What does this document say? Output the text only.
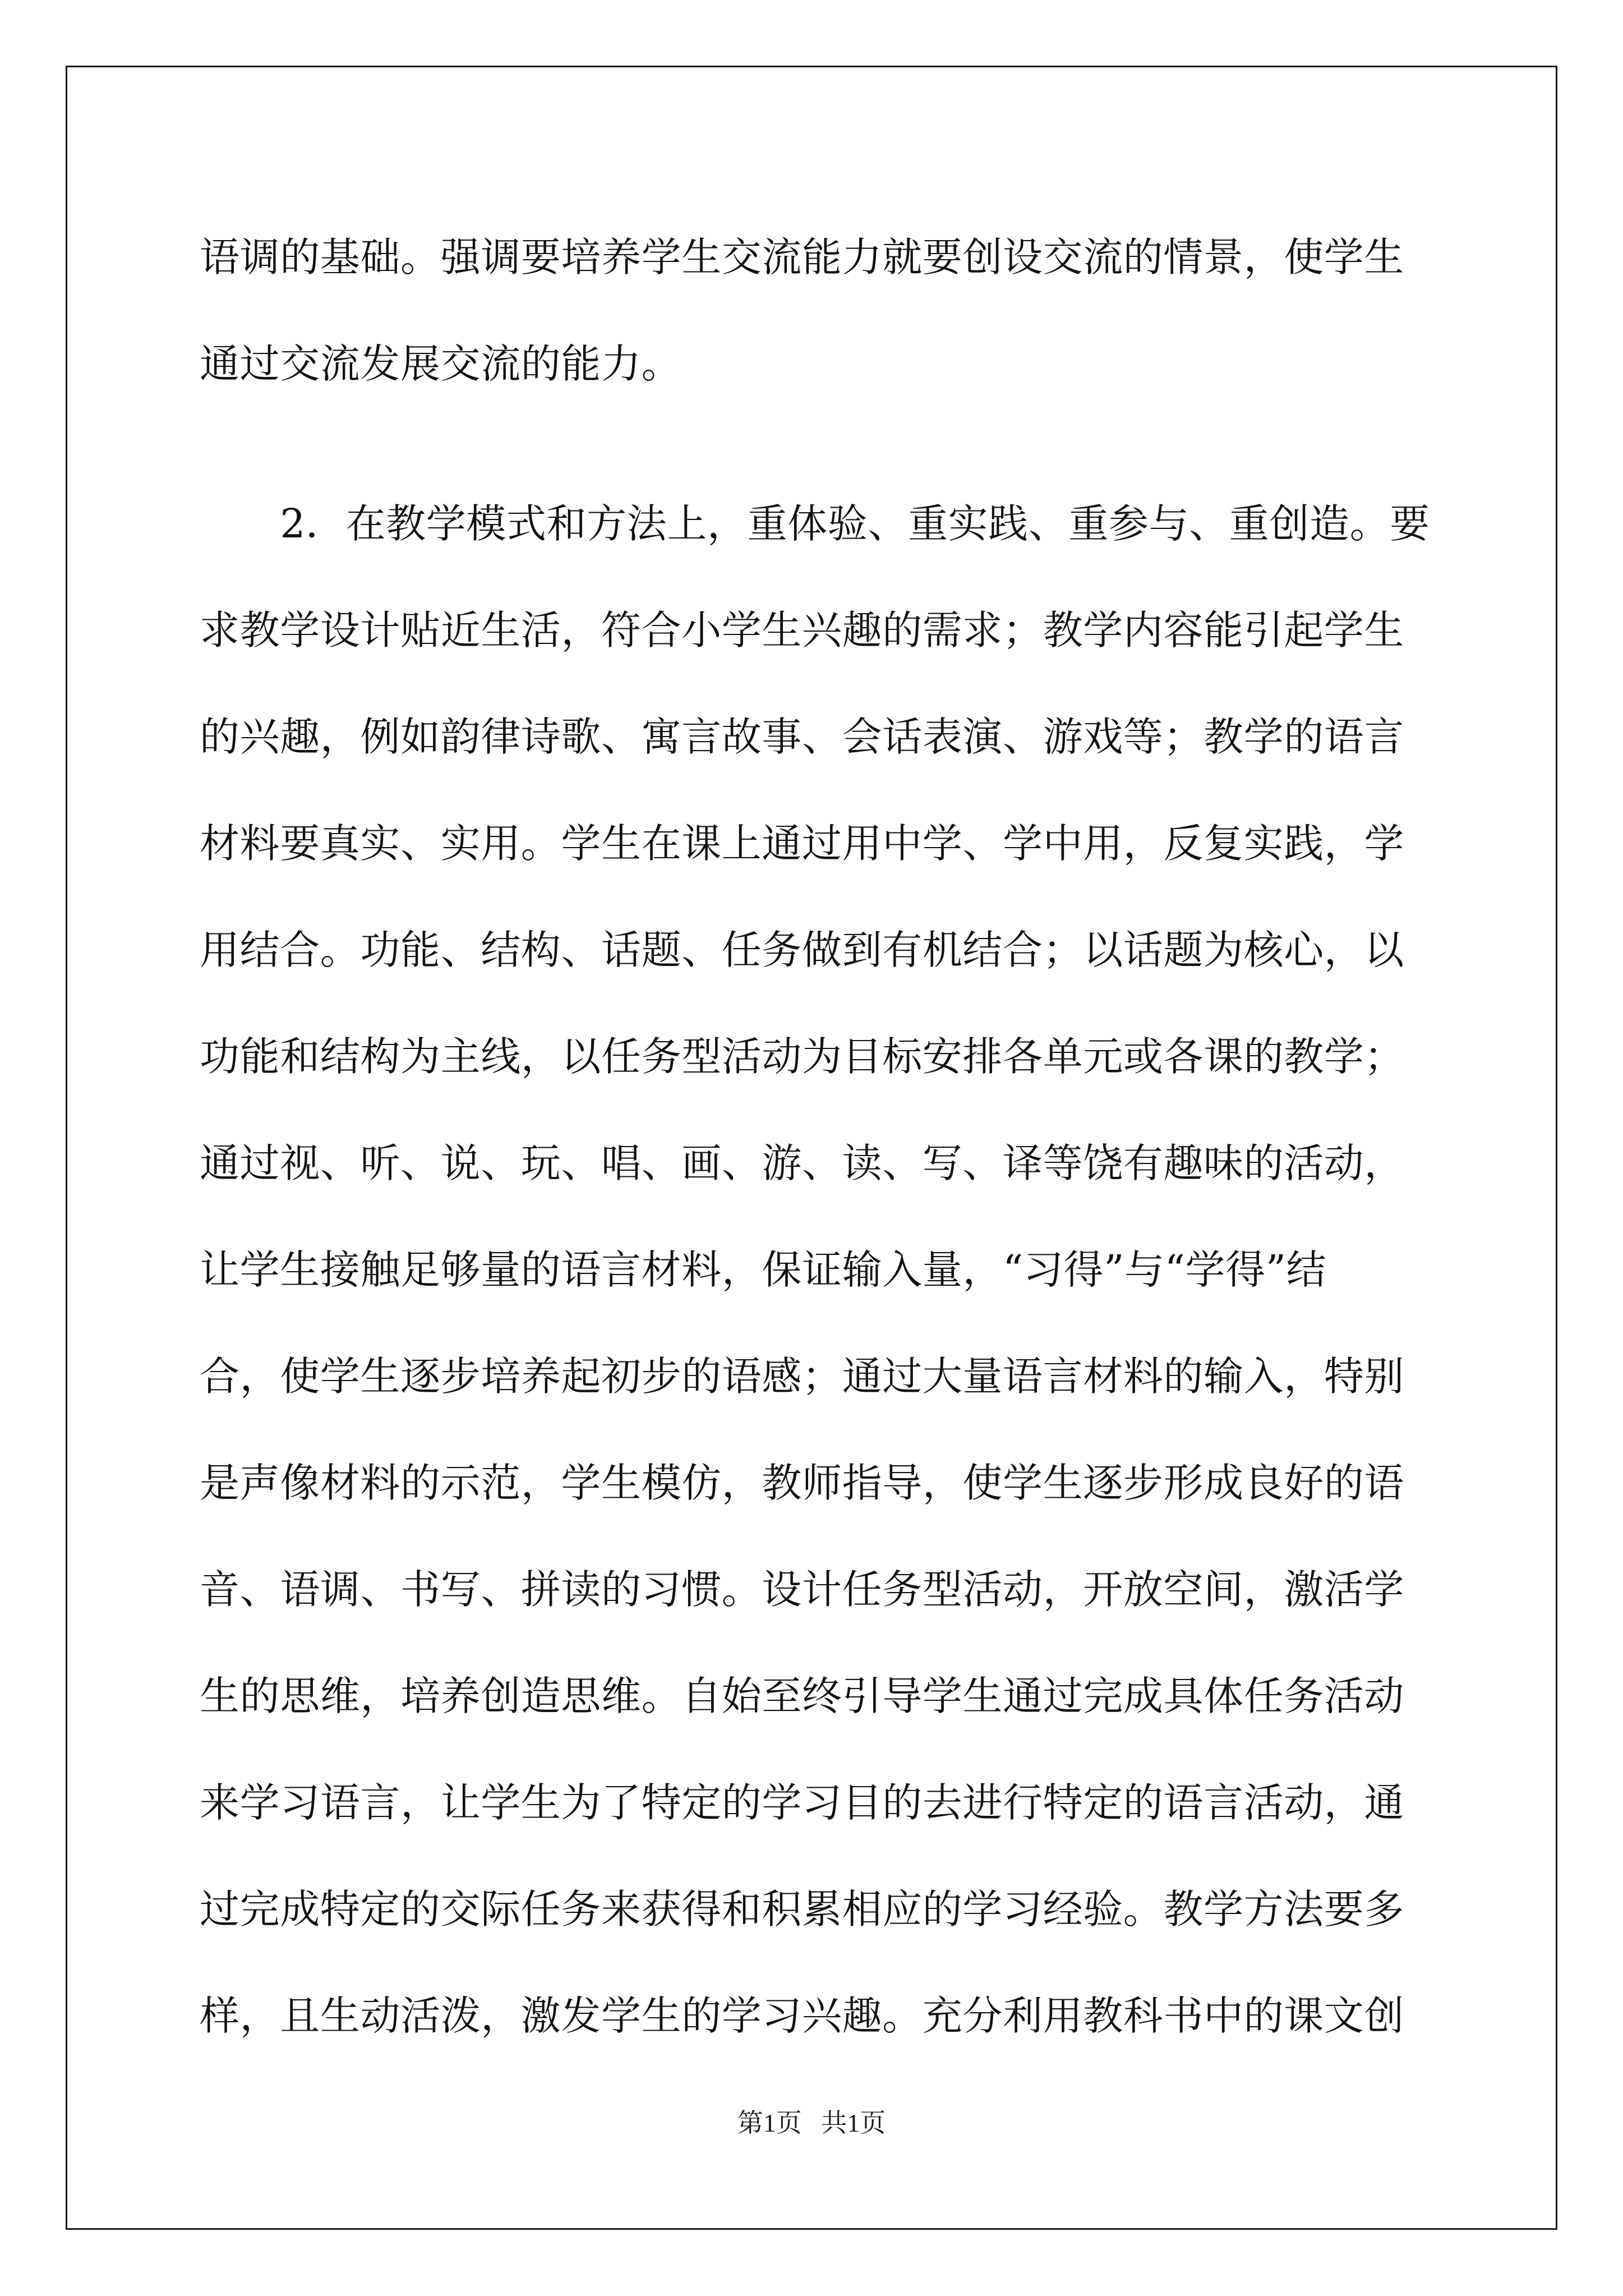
语调的基础。强调要培养学生交流能力就要创设交流的情景，使学生
通过交流发展交流的能力。
　　2．在教学模式和方法上，重体验、重实践、重参与、重创造。要
求教学设计贴近生活，符合小学生兴趣的需求；教学内容能引起学生
的兴趣，例如韵律诗歌、寓言故事、会话表演、游戏等；教学的语言
材料要真实、实用。学生在课上通过用中学、学中用，反复实践，学
用结合。功能、结构、话题、任务做到有机结合；以话题为核心，以
功能和结构为主线，以任务型活动为目标安排各单元或各课的教学；
通过视、听、说、玩、唱、画、游、读、写、译等饶有趣味的活动，
让学生接触足够量的语言材料，保证输入量，“习得”与“学得”结
合，使学生逐步培养起初步的语感；通过大量语言材料的输入，特别
是声像材料的示范，学生模仿，教师指导，使学生逐步形成良好的语
音、语调、书写、拼读的习惯。设计任务型活动，开放空间，激活学
生的思维，培养创造思维。自始至终引导学生通过完成具体任务活动
来学习语言，让学生为了特定的学习目的去进行特定的语言活动，通
过完成特定的交际任务来获得和积累相应的学习经验。教学方法要多
样，且生动活泼，激发学生的学习兴趣。充分利用教科书中的课文创
第1页   共1页
